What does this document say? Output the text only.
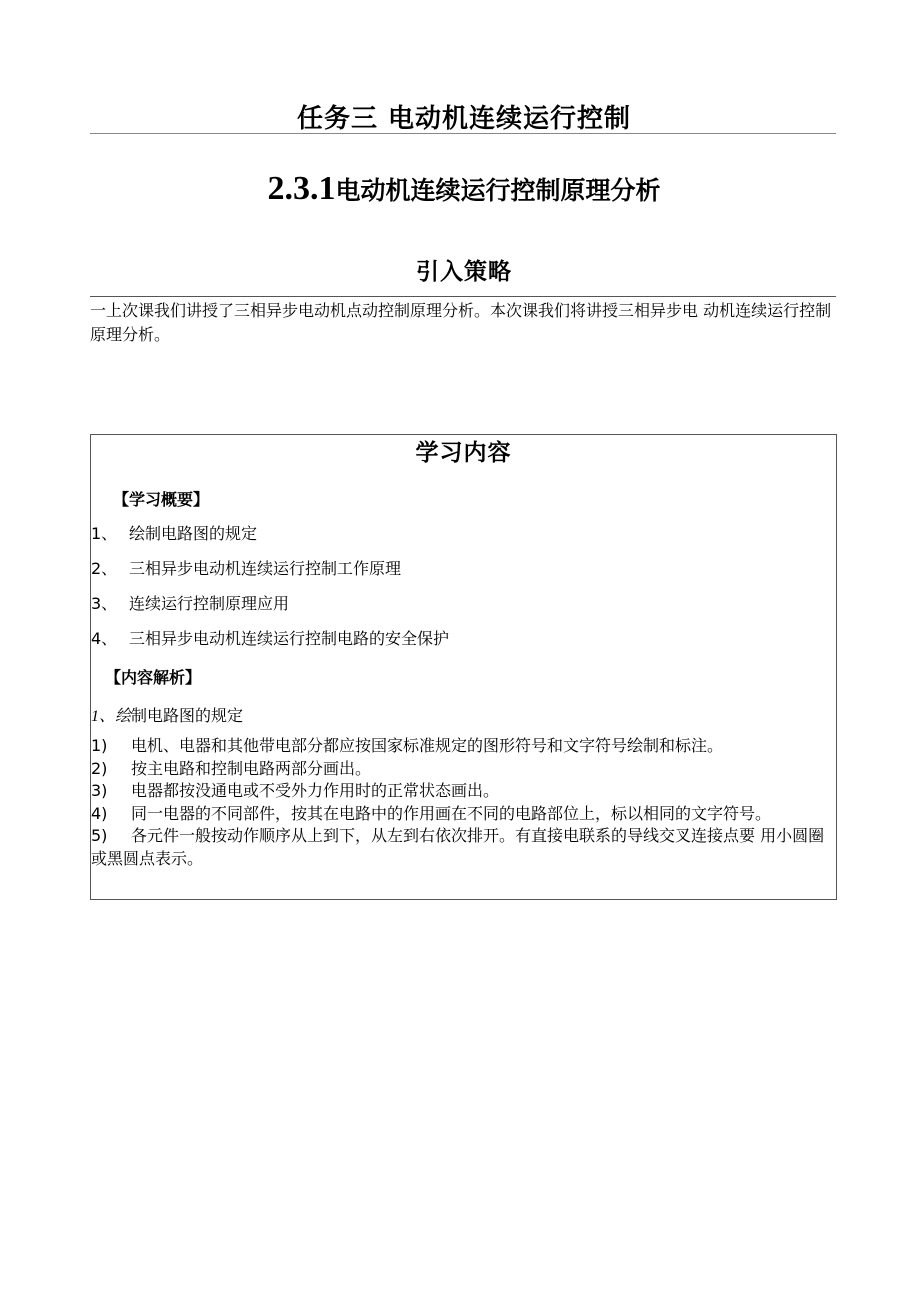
任务三 电动机连续运行控制
2.3.1电动机连续运行控制原理分析
引入策略
一上次课我们讲授了三相异步电动机点动控制原理分析。本次课我们将讲授三相异步电 动机连续运行控制原理分析。
学习内容
【学习概要】
1、 绘制电路图的规定
2、 三相异步电动机连续运行控制工作原理
3、 连续运行控制原理应用
4、 三相异步电动机连续运行控制电路的安全保护
【内容解析】
1、绘制电路图的规定
1) 电机、电器和其他带电部分都应按国家标准规定的图形符号和文字符号绘制和标注。
2) 按主电路和控制电路两部分画出。
3) 电器都按没通电或不受外力作用时的正常状态画出。
4) 同一电器的不同部件，按其在电路中的作用画在不同的电路部位上，标以相同的文字符号。
5) 各元件一般按动作顺序从上到下，从左到右依次排开。有直接电联系的导线交叉连接点要 用小圆圈或黑圆点表示。
